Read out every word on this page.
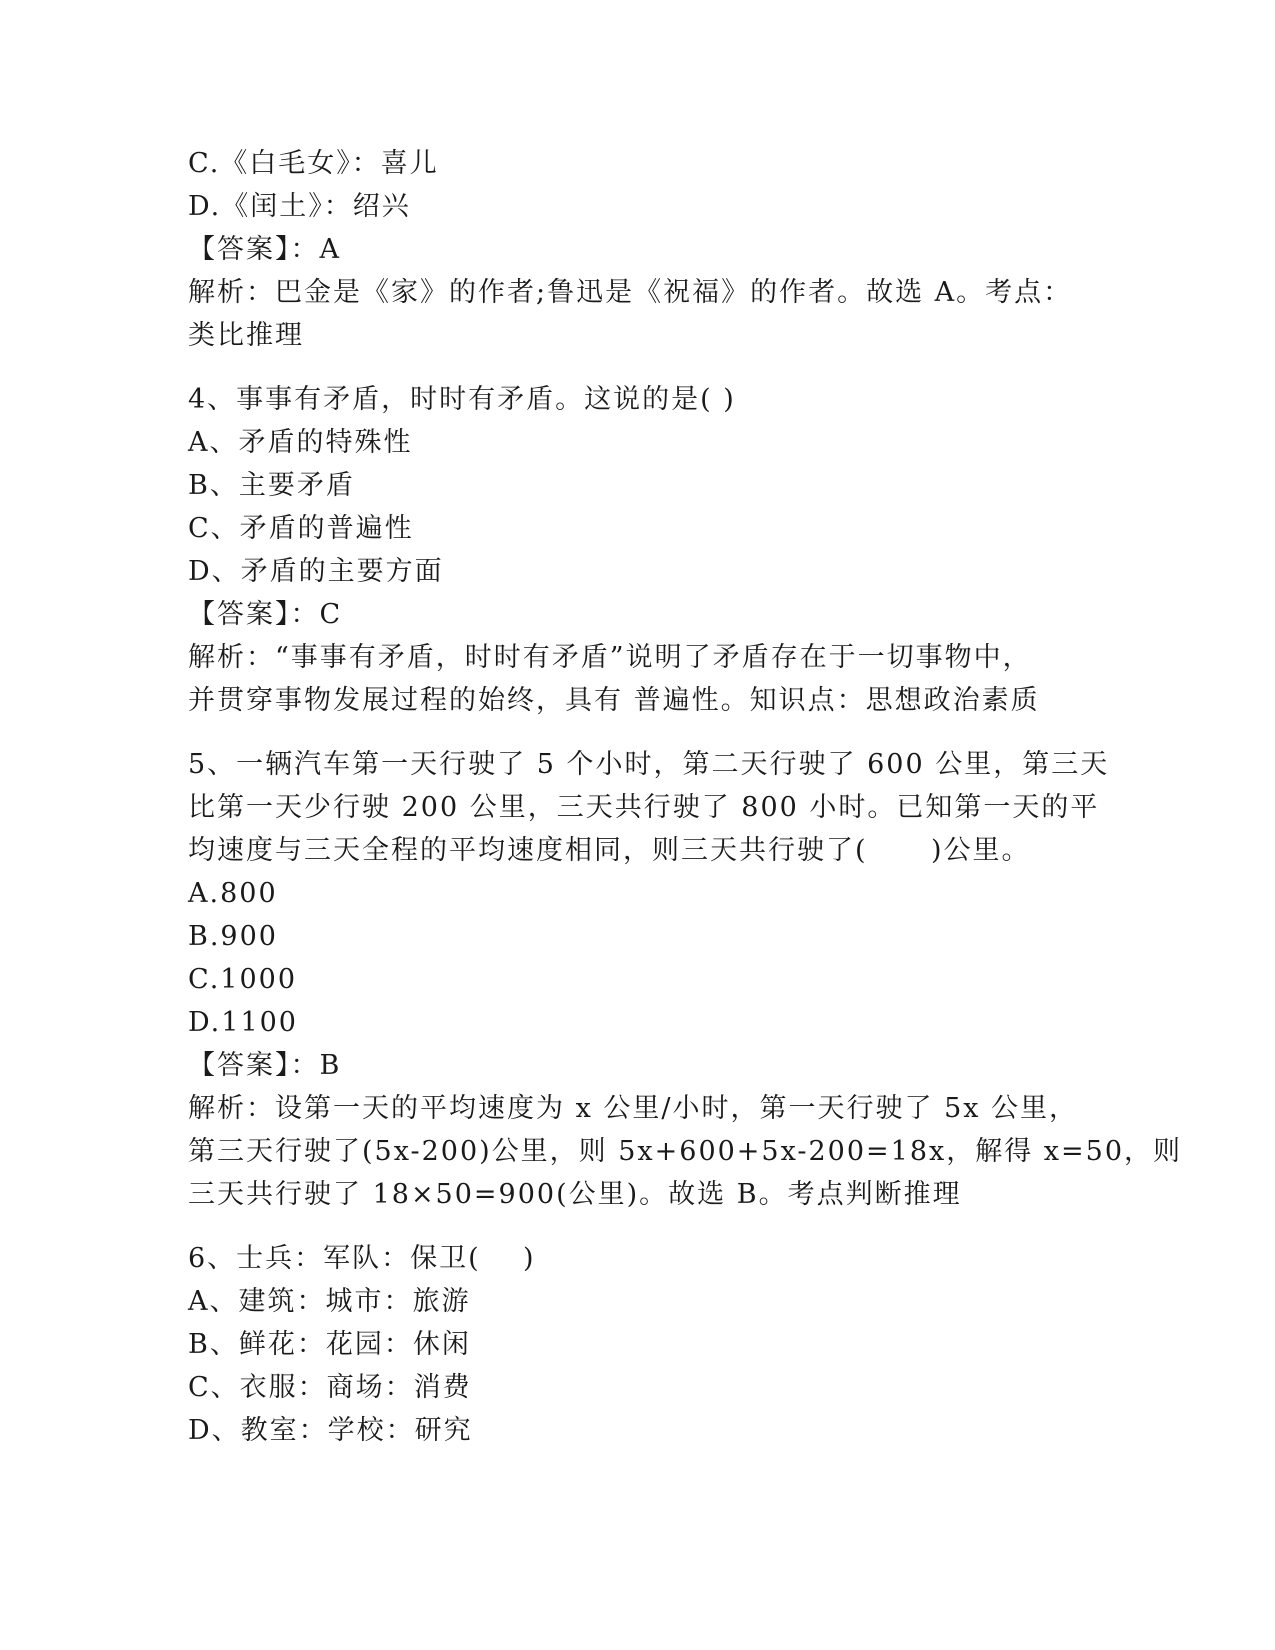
C.《白毛女》：喜儿
D.《闰土》：绍兴
【答案】：A
解析：巴金是《家》的作者;鲁迅是《祝福》的作者。故选 A。考点：
类比推理
4、事事有矛盾，时时有矛盾。这说的是( )
A、矛盾的特殊性
B、主要矛盾
C、矛盾的普遍性
D、矛盾的主要方面
【答案】：C
解析：“事事有矛盾，时时有矛盾”说明了矛盾存在于一切事物中，
并贯穿事物发展过程的始终，具有 普遍性。知识点：思想政治素质
5、一辆汽车第一天行驶了 5 个小时，第二天行驶了 600 公里，第三天
比第一天少行驶 200 公里，三天共行驶了 800 小时。已知第一天的平
均速度与三天全程的平均速度相同，则三天共行驶了(      )公里。
A.800
B.900
C.1000
D.1100
【答案】：B
解析：设第一天的平均速度为 x 公里/小时，第一天行驶了 5x 公里，
第三天行驶了(5x-200)公里，则 5x+600+5x-200=18x，解得 x=50，则
三天共行驶了 18×50=900(公里)。故选 B。考点判断推理
6、士兵：军队：保卫(    )
A、建筑：城市：旅游
B、鲜花：花园：休闲
C、衣服：商场：消费
D、教室：学校：研究
